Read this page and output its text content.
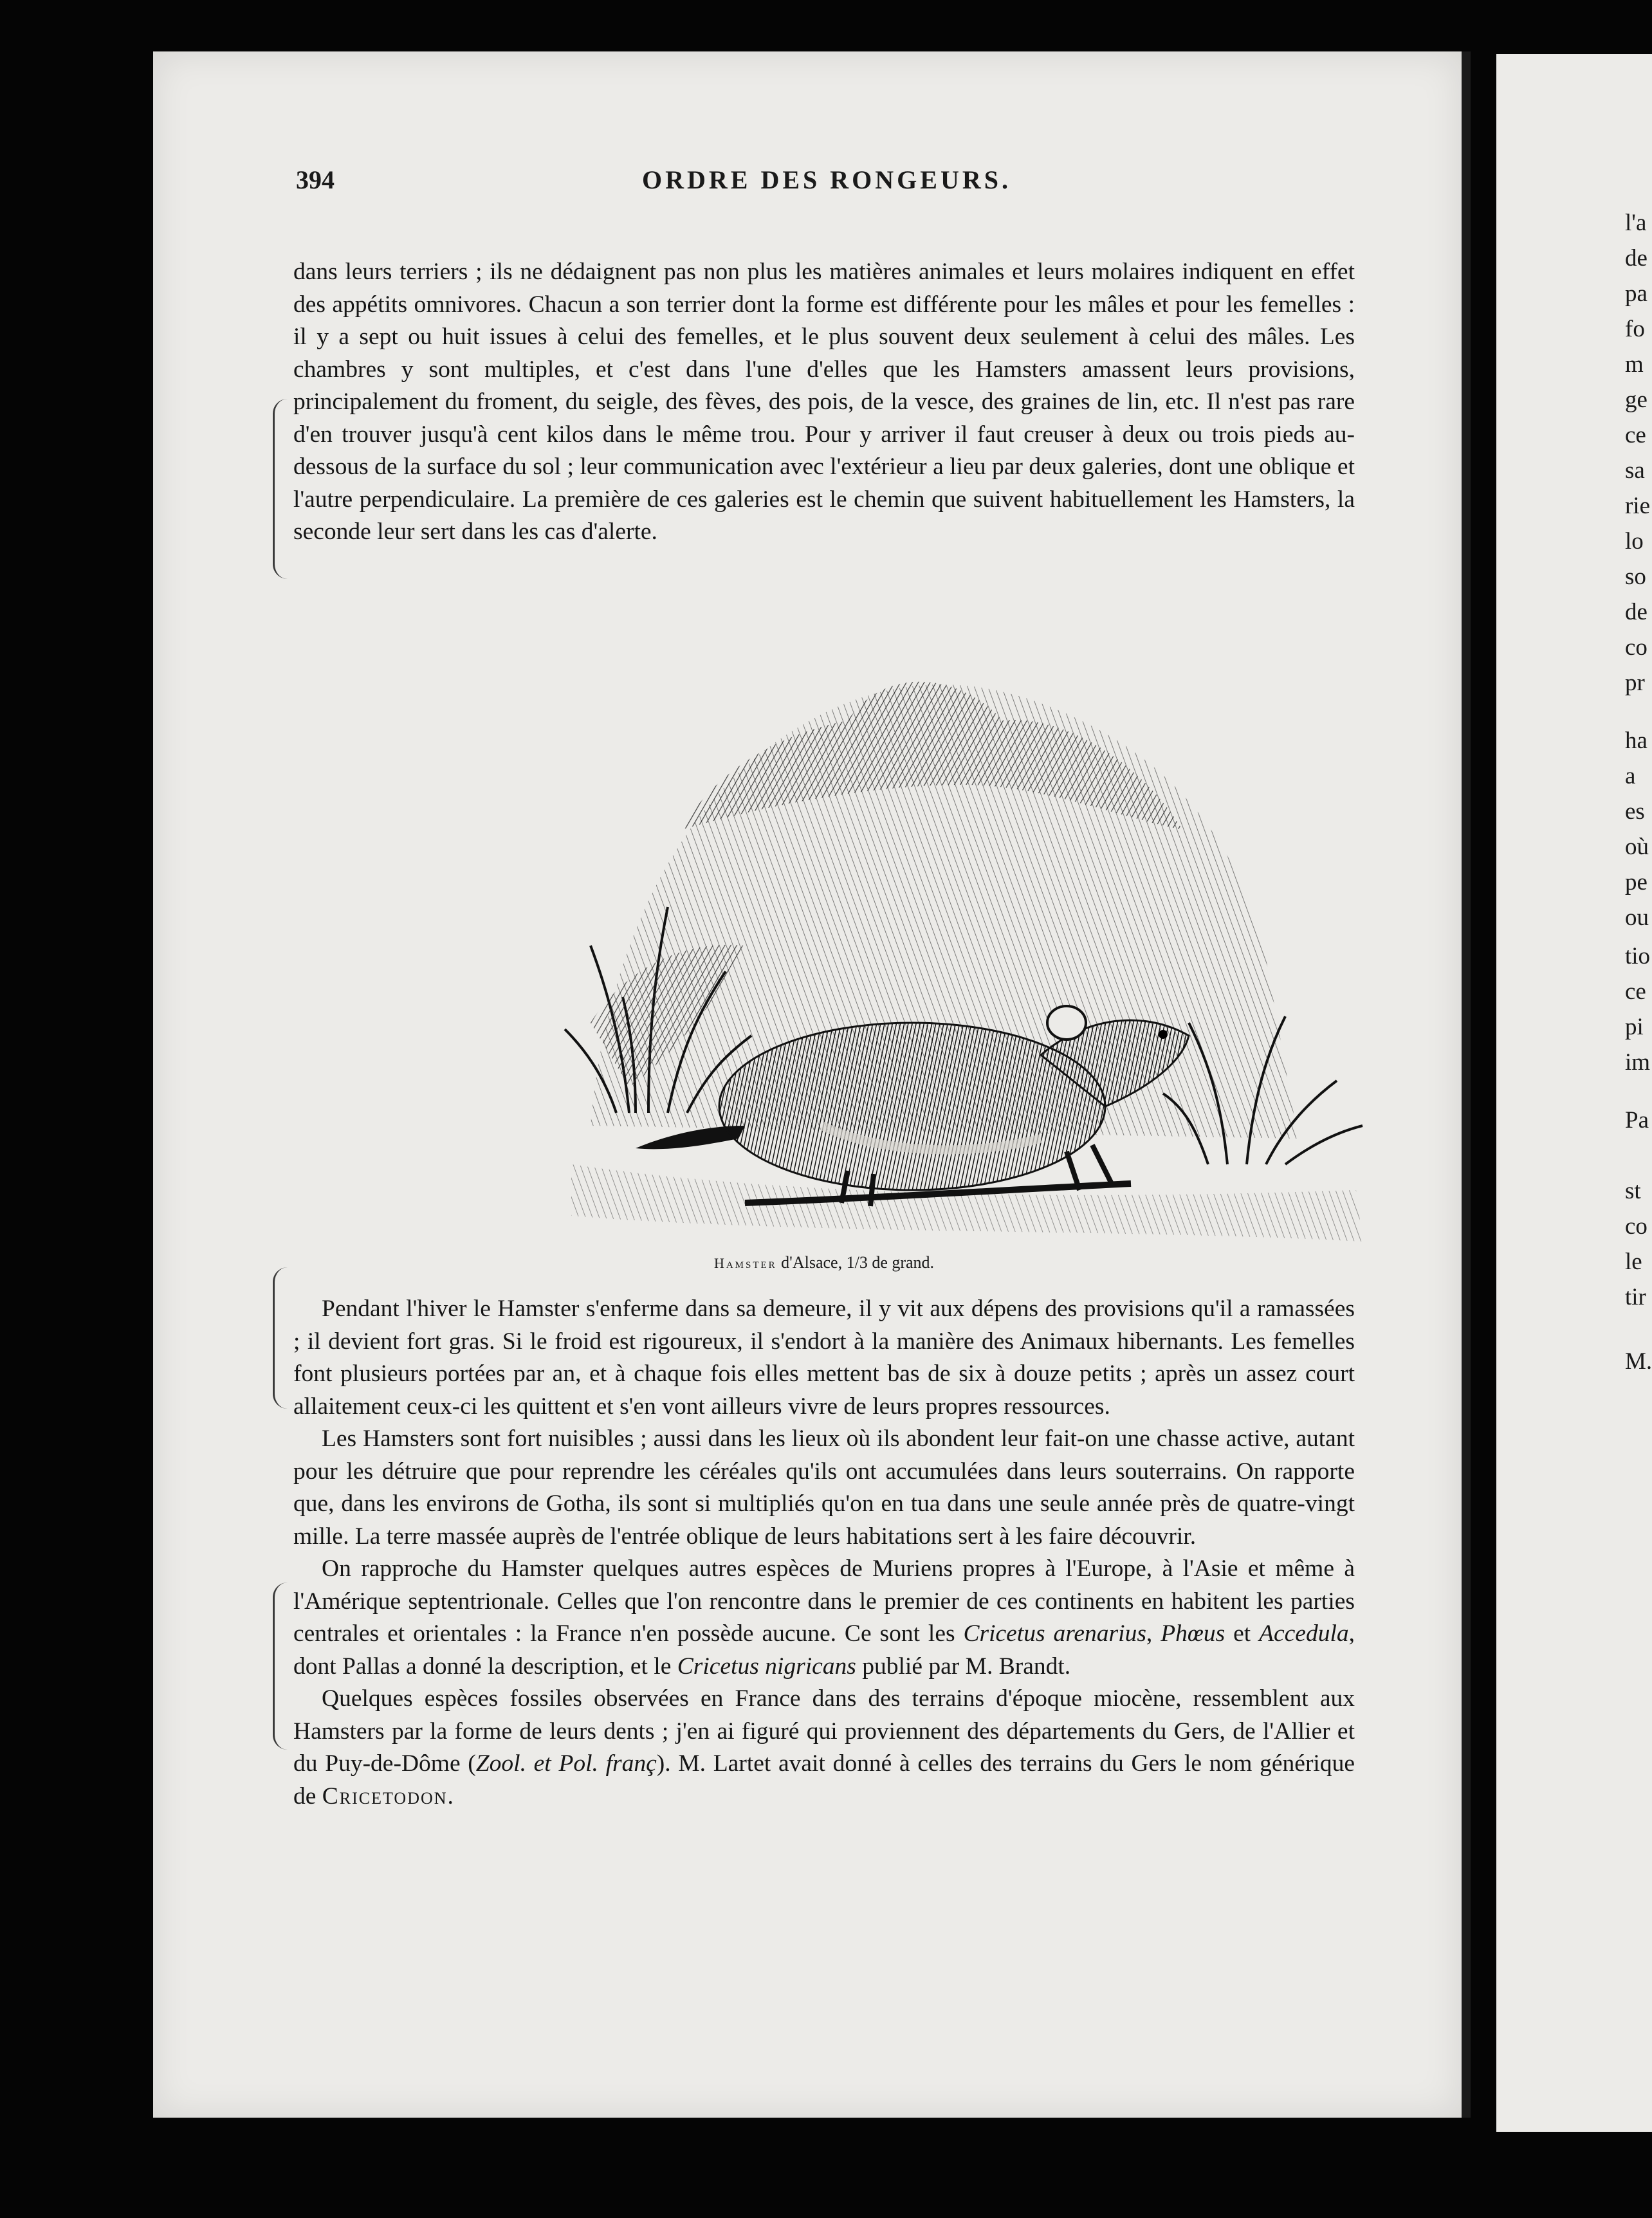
394	ORDRE DES RONGEURS.

dans leurs terriers ; ils ne dédaignent pas non plus les matières animales et leurs molaires indiquent en effet des appétits omnivores. Chacun a son terrier dont la forme est différente pour les mâles et pour les femelles : il y a sept ou huit issues à celui des femelles, et le plus souvent deux seulement à celui des mâles. Les chambres y sont multiples, et c'est dans l'une d'elles que les Hamsters amassent leurs provisions, principalement du froment, du seigle, des fèves, des pois, de la vesce, des graines de lin, etc. Il n'est pas rare d'en trouver jusqu'à cent kilos dans le même trou. Pour y arriver il faut creuser à deux ou trois pieds au-dessous de la surface du sol ; leur communication avec l'extérieur a lieu par deux galeries, dont une oblique et l'autre perpendiculaire. La première de ces galeries est le chemin que suivent habituellement les Hamsters, la seconde leur sert dans les cas d'alerte.

Hamster d'Alsace, 1/3 de grand.

Pendant l'hiver le Hamster s'enferme dans sa demeure, il y vit aux dépens des provisions qu'il a ramassées ; il devient fort gras. Si le froid est rigoureux, il s'endort à la manière des Animaux hibernants. Les femelles font plusieurs portées par an, et à chaque fois elles mettent bas de six à douze petits ; après un assez court allaitement ceux-ci les quittent et s'en vont ailleurs vivre de leurs propres ressources.

Les Hamsters sont fort nuisibles ; aussi dans les lieux où ils abondent leur fait-on une chasse active, autant pour les détruire que pour reprendre les céréales qu'ils ont accumulées dans leurs souterrains. On rapporte que, dans les environs de Gotha, ils sont si multipliés qu'on en tua dans une seule année près de quatre-vingt mille. La terre massée auprès de l'entrée oblique de leurs habitations sert à les faire découvrir.

On rapproche du Hamster quelques autres espèces de Muriens propres à l'Europe, à l'Asie et même à l'Amérique septentrionale. Celles que l'on rencontre dans le premier de ces continents en habitent les parties centrales et orientales : la France n'en possède aucune. Ce sont les Cricetus arenarius, Phœus et Accedula, dont Pallas a donné la description, et le Cricetus nigricans publié par M. Brandt.

Quelques espèces fossiles observées en France dans des terrains d'époque miocène, ressemblent aux Hamsters par la forme de leurs dents ; j'en ai figuré qui proviennent des départements du Gers, de l'Allier et du Puy-de-Dôme (Zool. et Pol. franç). M. Lartet avait donné à celles des terrains du Gers le nom générique de Cricetodon.

l'a
de
pa
fo
m
ge
ce
sa
rie
lo
so
de
co
pr
ha
a
es
où
pe
ou
tio
ce
pi
im
Pa
st
co
le
tir
M.
